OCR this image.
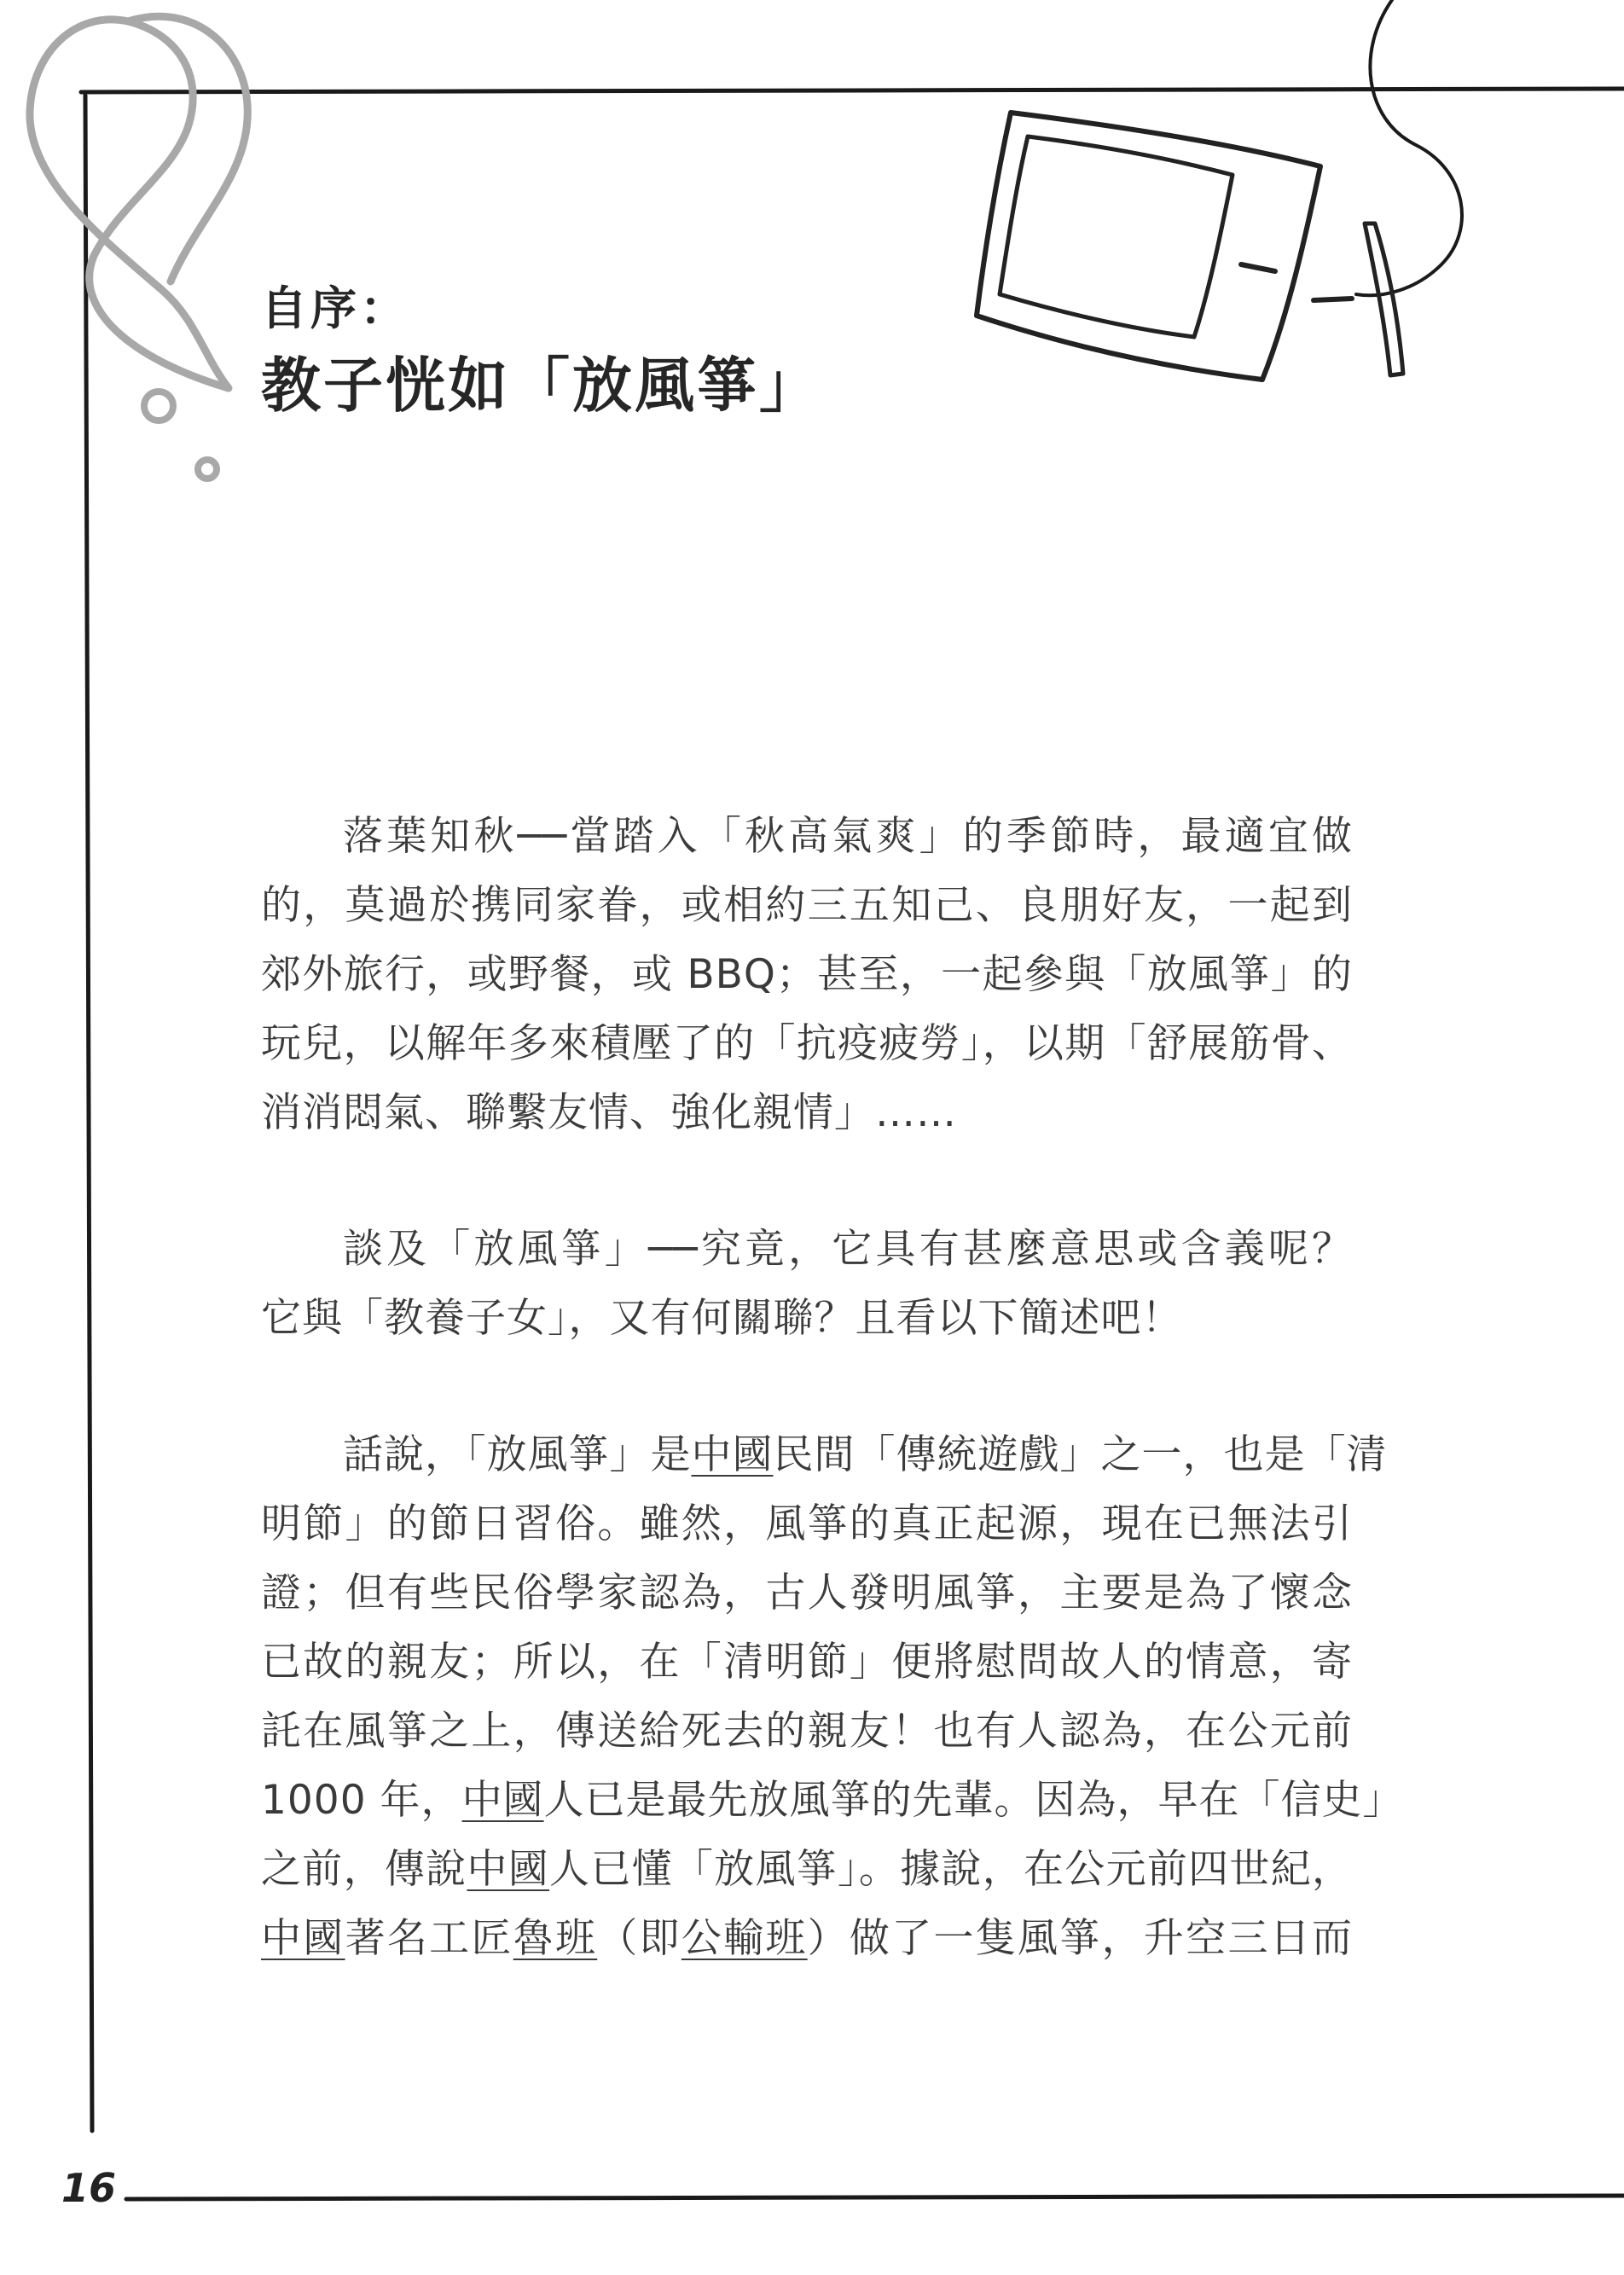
自序：
教子恍如「放風箏」

落葉知秋──當踏入「秋高氣爽」的季節時，最適宜做
的，莫過於携同家眷，或相約三五知己、良朋好友，一起到
郊外旅行，或野餐，或 BBQ；甚至，一起參與「放風箏」的
玩兒，以解年多來積壓了的「抗疫疲勞」，以期「舒展筋骨、
消消悶氣、聯繫友情、強化親情」……

談及「放風箏」──究竟，它具有甚麼意思或含義呢？
它與「教養子女」，又有何關聯？且看以下簡述吧！

話說，「放風箏」是中國民間「傳統遊戲」之一，也是「清
明節」的節日習俗。雖然，風箏的真正起源，現在已無法引
證；但有些民俗學家認為，古人發明風箏，主要是為了懷念
已故的親友；所以，在「清明節」便將慰問故人的情意，寄
託在風箏之上，傳送給死去的親友！也有人認為，在公元前
1000 年，中國人已是最先放風箏的先輩。因為，早在「信史」
之前，傳說中國人已懂「放風箏」。據說，在公元前四世紀，
中國著名工匠魯班（即公輸班）做了一隻風箏，升空三日而

16
